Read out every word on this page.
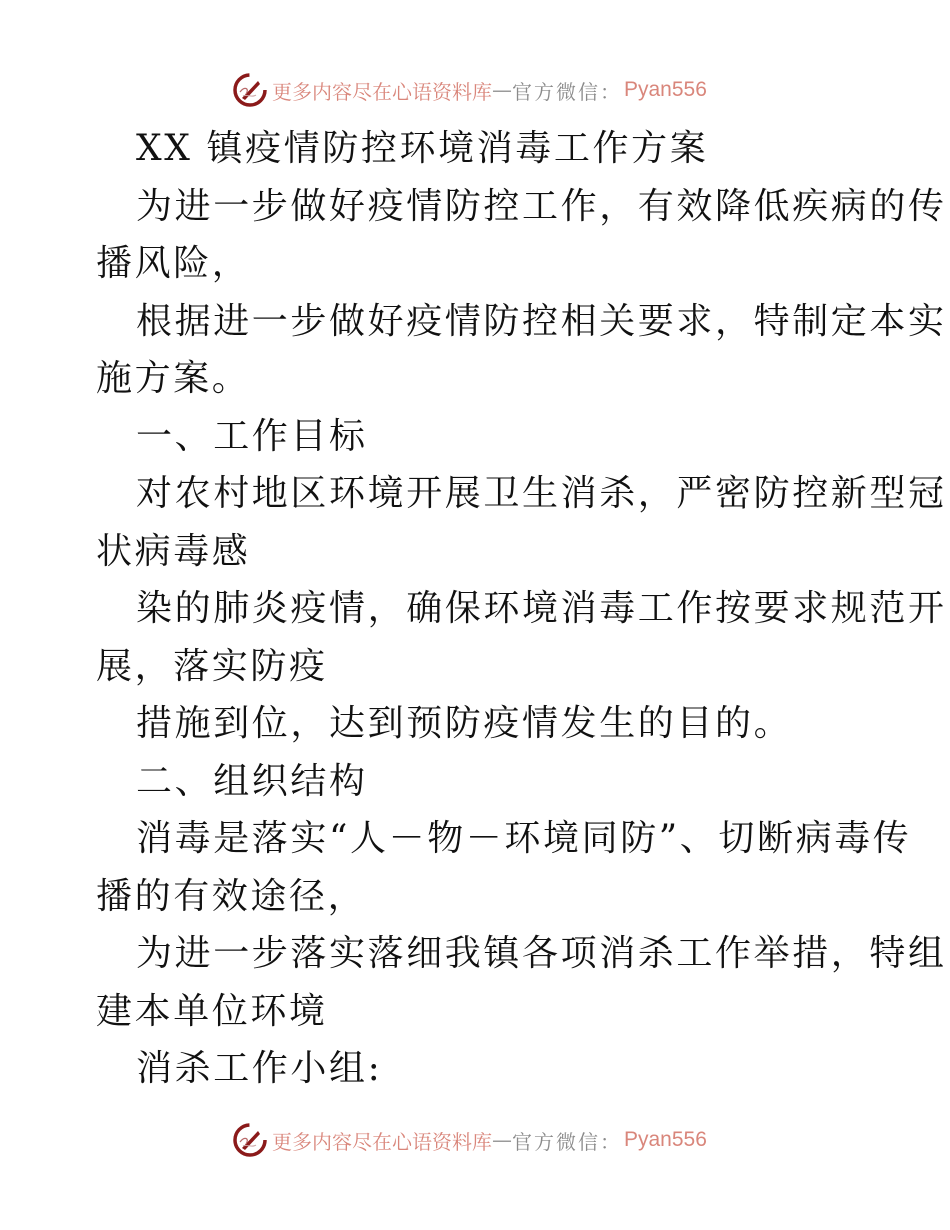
更多内容尽在心语资料库 — 官方微信： Pyan556
XX 镇疫情防控环境消毒工作方案
为进一步做好疫情防控工作，有效降低疾病的传
播风险，
根据进一步做好疫情防控相关要求，特制定本实
施方案。
一、工作目标
对农村地区环境开展卫生消杀，严密防控新型冠
状病毒感
染的肺炎疫情，确保环境消毒工作按要求规范开
展，落实防疫
措施到位，达到预防疫情发生的目的。
二、组织结构
消毒是落实“人－物－环境同防”、切断病毒传
播的有效途径，
为进一步落实落细我镇各项消杀工作举措，特组
建本单位环境
消杀工作小组:
更多内容尽在心语资料库 — 官方微信： Pyan556
